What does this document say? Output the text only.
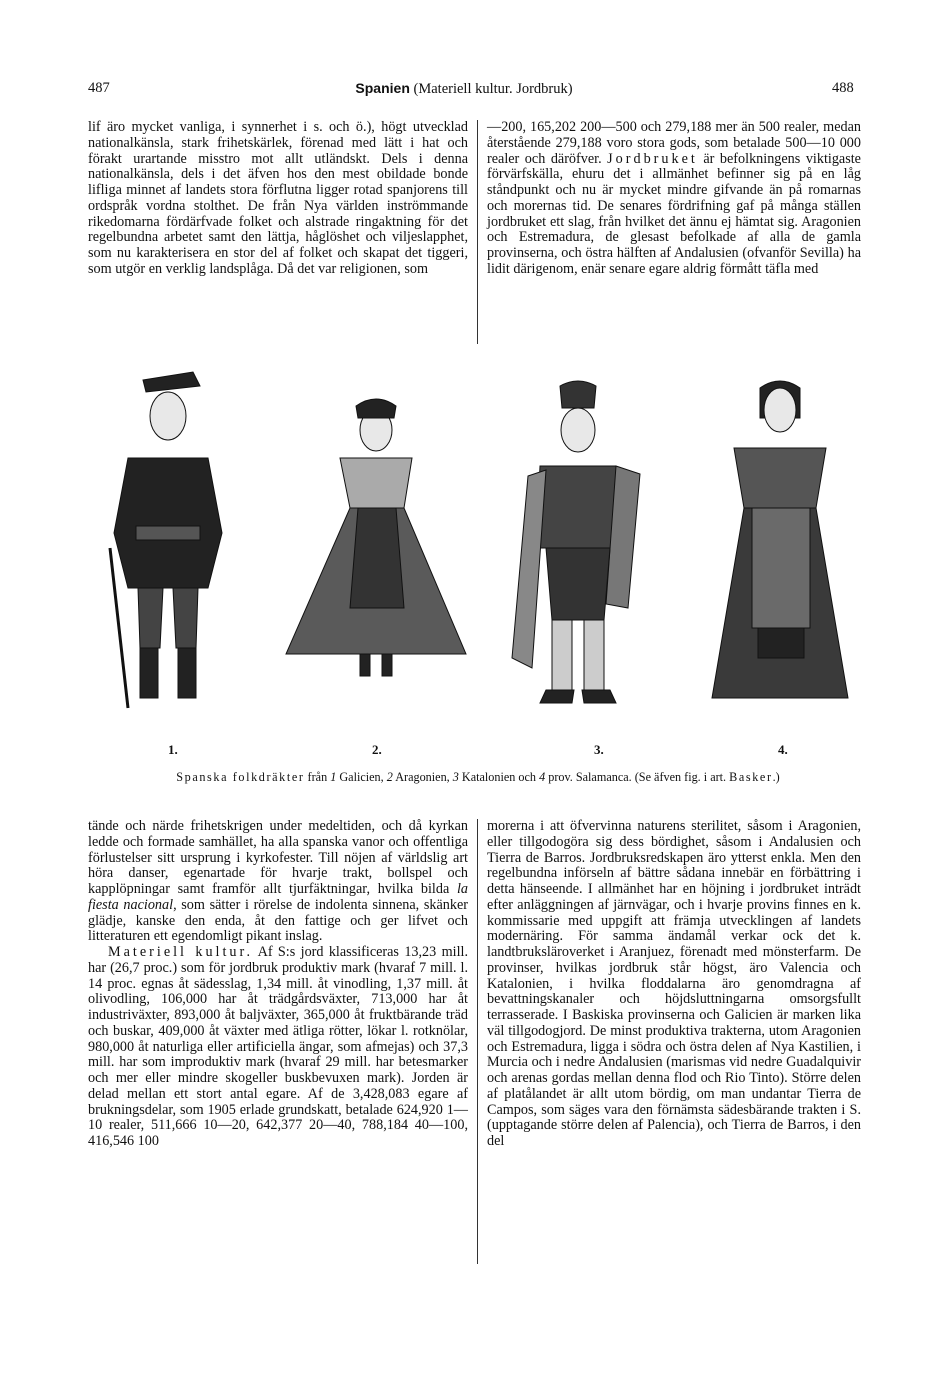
487	Spanien (Materiell kultur. Jordbruk)	488

lif äro mycket vanliga, i synnerhet i s. och ö.), högt utvecklad nationalkänsla, stark frihetskärlek, förenad med lätt i hat och förakt urartande misstro mot allt utländskt. Dels i denna nationalkänsla, dels i det äfven hos den mest obildade bonde lifliga minnet af landets stora förflutna ligger rotad spanjorens till ordspråk vordna stolthet. De från Nya världen inströmmande rikedomarna fördärfvade folket och alstrade ringaktning för det regelbundna arbetet samt den lättja, håglöshet och viljeslapphet, som nu karakterisera en stor del af folket och skapat det tiggeri, som utgör en verklig landsplåga. Då det var religionen, som

—200, 165,202 200—500 och 279,188 mer än 500 realer, medan återstående 279,188 voro stora gods, som betalade 500—10 000 realer och däröfver. Jordbruket är befolkningens viktigaste förvärfskälla, ehuru det i allmänhet befinner sig på en låg ståndpunkt och nu är mycket mindre gifvande än på romarnas och morernas tid. De senares fördrifning gaf på många ställen jordbruket ett slag, från hvilket det ännu ej hämtat sig. Aragonien och Estremadura, de glesast befolkade af alla de gamla provinserna, och östra hälften af Andalusien (ofvanför Sevilla) ha lidit därigenom, enär senare egare aldrig förmått täfla med

1.	2.	3.	4.
Spanska folkdräkter från 1 Galicien, 2 Aragonien, 3 Katalonien och 4 prov. Salamanca. (Se äfven fig. i art. Basker.)

tände och närde frihetskrigen under medeltiden, och då kyrkan ledde och formade samhället, ha alla spanska vanor och offentliga förlustelser sitt ursprung i kyrkofester. Till nöjen af världslig art höra danser, egenartade för hvarje trakt, bollspel och kapplöpningar samt framför allt tjurfäktningar, hvilka bilda la fiesta nacional, som sätter i rörelse de indolenta sinnena, skänker glädje, kanske den enda, åt den fattige och ger lifvet och litteraturen ett egendomligt pikant inslag.

Materiell kultur. Af S:s jord klassificeras 13,23 mill. har (26,7 proc.) som för jordbruk produktiv mark (hvaraf 7 mill. l. 14 proc. egnas åt sädesslag, 1,34 mill. åt vinodling, 1,37 mill. åt olivodling, 106,000 har åt trädgårdsväxter, 713,000 har åt industriväxter, 893,000 åt baljväxter, 365,000 åt fruktbärande träd och buskar, 409,000 åt växter med ätliga rötter, lökar l. rotknölar, 980,000 åt naturliga eller artificiella ängar, som afmejas) och 37,3 mill. har som improduktiv mark (hvaraf 29 mill. har betesmarker och mer eller mindre skogeller buskbevuxen mark). Jorden är delad mellan ett stort antal egare. Af de 3,428,083 egare af brukningsdelar, som 1905 erlade grundskatt, betalade 624,920 1—10 realer, 511,666 10—20, 642,377 20—40, 788,184 40—100, 416,546 100

morerna i att öfvervinna naturens sterilitet, såsom i Aragonien, eller tillgodogöra sig dess bördighet, såsom i Andalusien och Tierra de Barros. Jordbruksredskapen äro ytterst enkla. Men den regelbundna införseln af bättre sådana innebär en förbättring i detta hänseende. I allmänhet har en höjning i jordbruket inträdt efter anläggningen af järnvägar, och i hvarje provins finnes en k. kommissarie med uppgift att främja utvecklingen af landets modernäring. För samma ändamål verkar ock det k. landtbruksläroverket i Aranjuez, förenadt med mönsterfarm. De provinser, hvilkas jordbruk står högst, äro Valencia och Katalonien, i hvilka floddalarna äro genomdragna af bevattningskanaler och höjdsluttningarna omsorgsfullt terrasserade. I Baskiska provinserna och Galicien är marken lika väl tillgodogjord. De minst produktiva trakterna, utom Aragonien och Estremadura, ligga i södra och östra delen af Nya Kastilien, i Murcia och i nedre Andalusien (marismas vid nedre Guadalquivir och arenas gordas mellan denna flod och Rio Tinto). Större delen af platålandet är allt utom bördig, om man undantar Tierra de Campos, som säges vara den förnämsta sädesbärande trakten i S. (upptagande större delen af Palencia), och Tierra de Barros, i den del
